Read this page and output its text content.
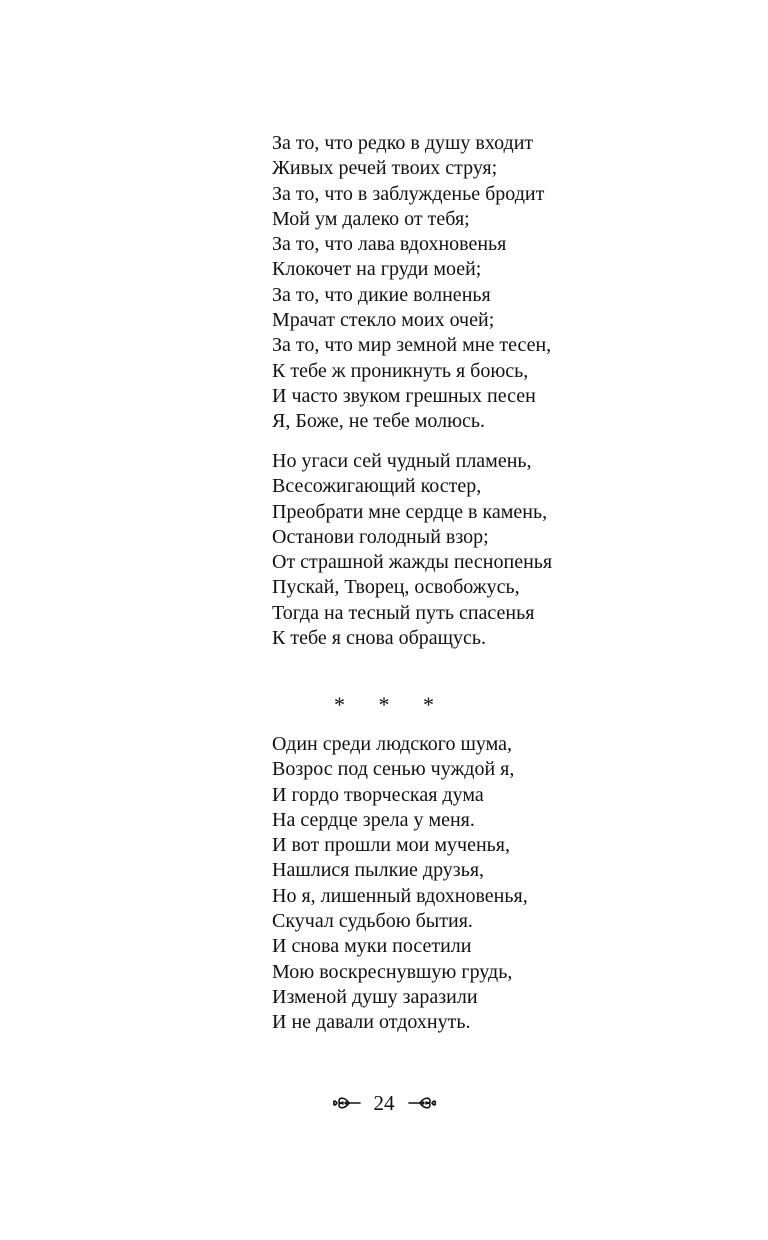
За то, что редко в душу входит
Живых речей твоих струя;
За то, что в заблужденье бродит
Мой ум далеко от тебя;
За то, что лава вдохновенья
Клокочет на груди моей;
За то, что дикие волненья
Мрачат стекло моих очей;
За то, что мир земной мне тесен,
К тебе ж проникнуть я боюсь,
И часто звуком грешных песен
Я, Боже, не тебе молюсь.
Но угаси сей чудный пламень,
Всесожигающий костер,
Преобрати мне сердце в камень,
Останови голодный взор;
От страшной жажды песнопенья
Пускай, Творец, освобожусь,
Тогда на тесный путь спасенья
К тебе я снова обращусь.
* * *
Один среди людского шума,
Возрос под сенью чуждой я,
И гордо творческая дума
На сердце зрела у меня.
И вот прошли мои мученья,
Нашлися пылкие друзья,
Но я, лишенный вдохновенья,
Скучал судьбою бытия.
И снова муки посетили
Мою воскреснувшую грудь,
Изменой душу заразили
И не давали отдохнуть.
24
